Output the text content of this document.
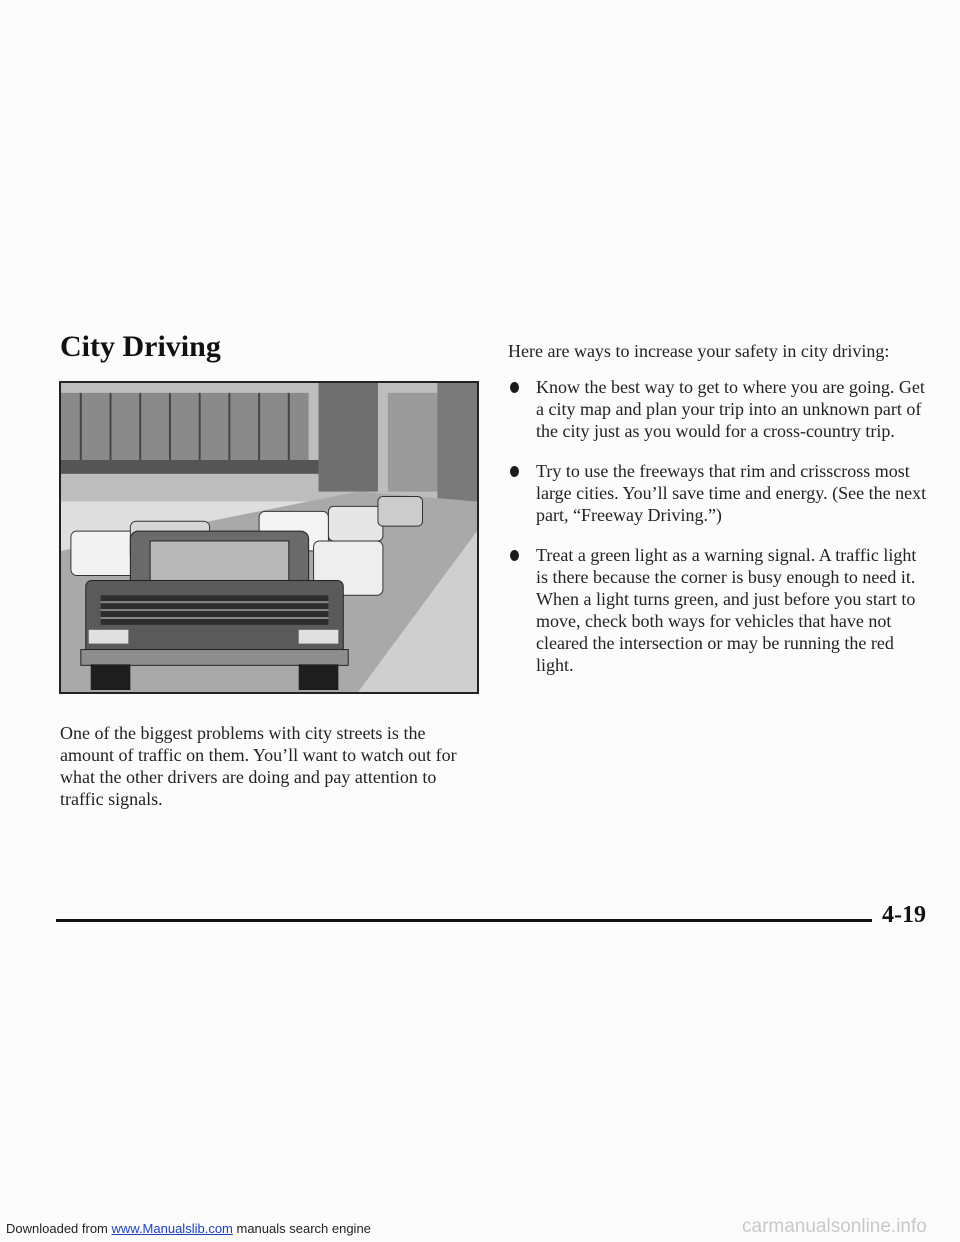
City Driving

One of the biggest problems with city streets is the amount of traffic on them. You’ll want to watch out for what the other drivers are doing and pay attention to traffic signals.

Here are ways to increase your safety in city driving:

Know the best way to get to where you are going. Get a city map and plan your trip into an unknown part of the city just as you would for a cross-country trip.
Try to use the freeways that rim and crisscross most large cities. You’ll save time and energy. (See the next part, “Freeway Driving.”)
Treat a green light as a warning signal. A traffic light is there because the corner is busy enough to need it. When a light turns green, and just before you start to move, check both ways for vehicles that have not cleared the intersection or may be running the red light.

4-19

Downloaded from www.Manualslib.com manuals search engine	carmanualsonline.info
